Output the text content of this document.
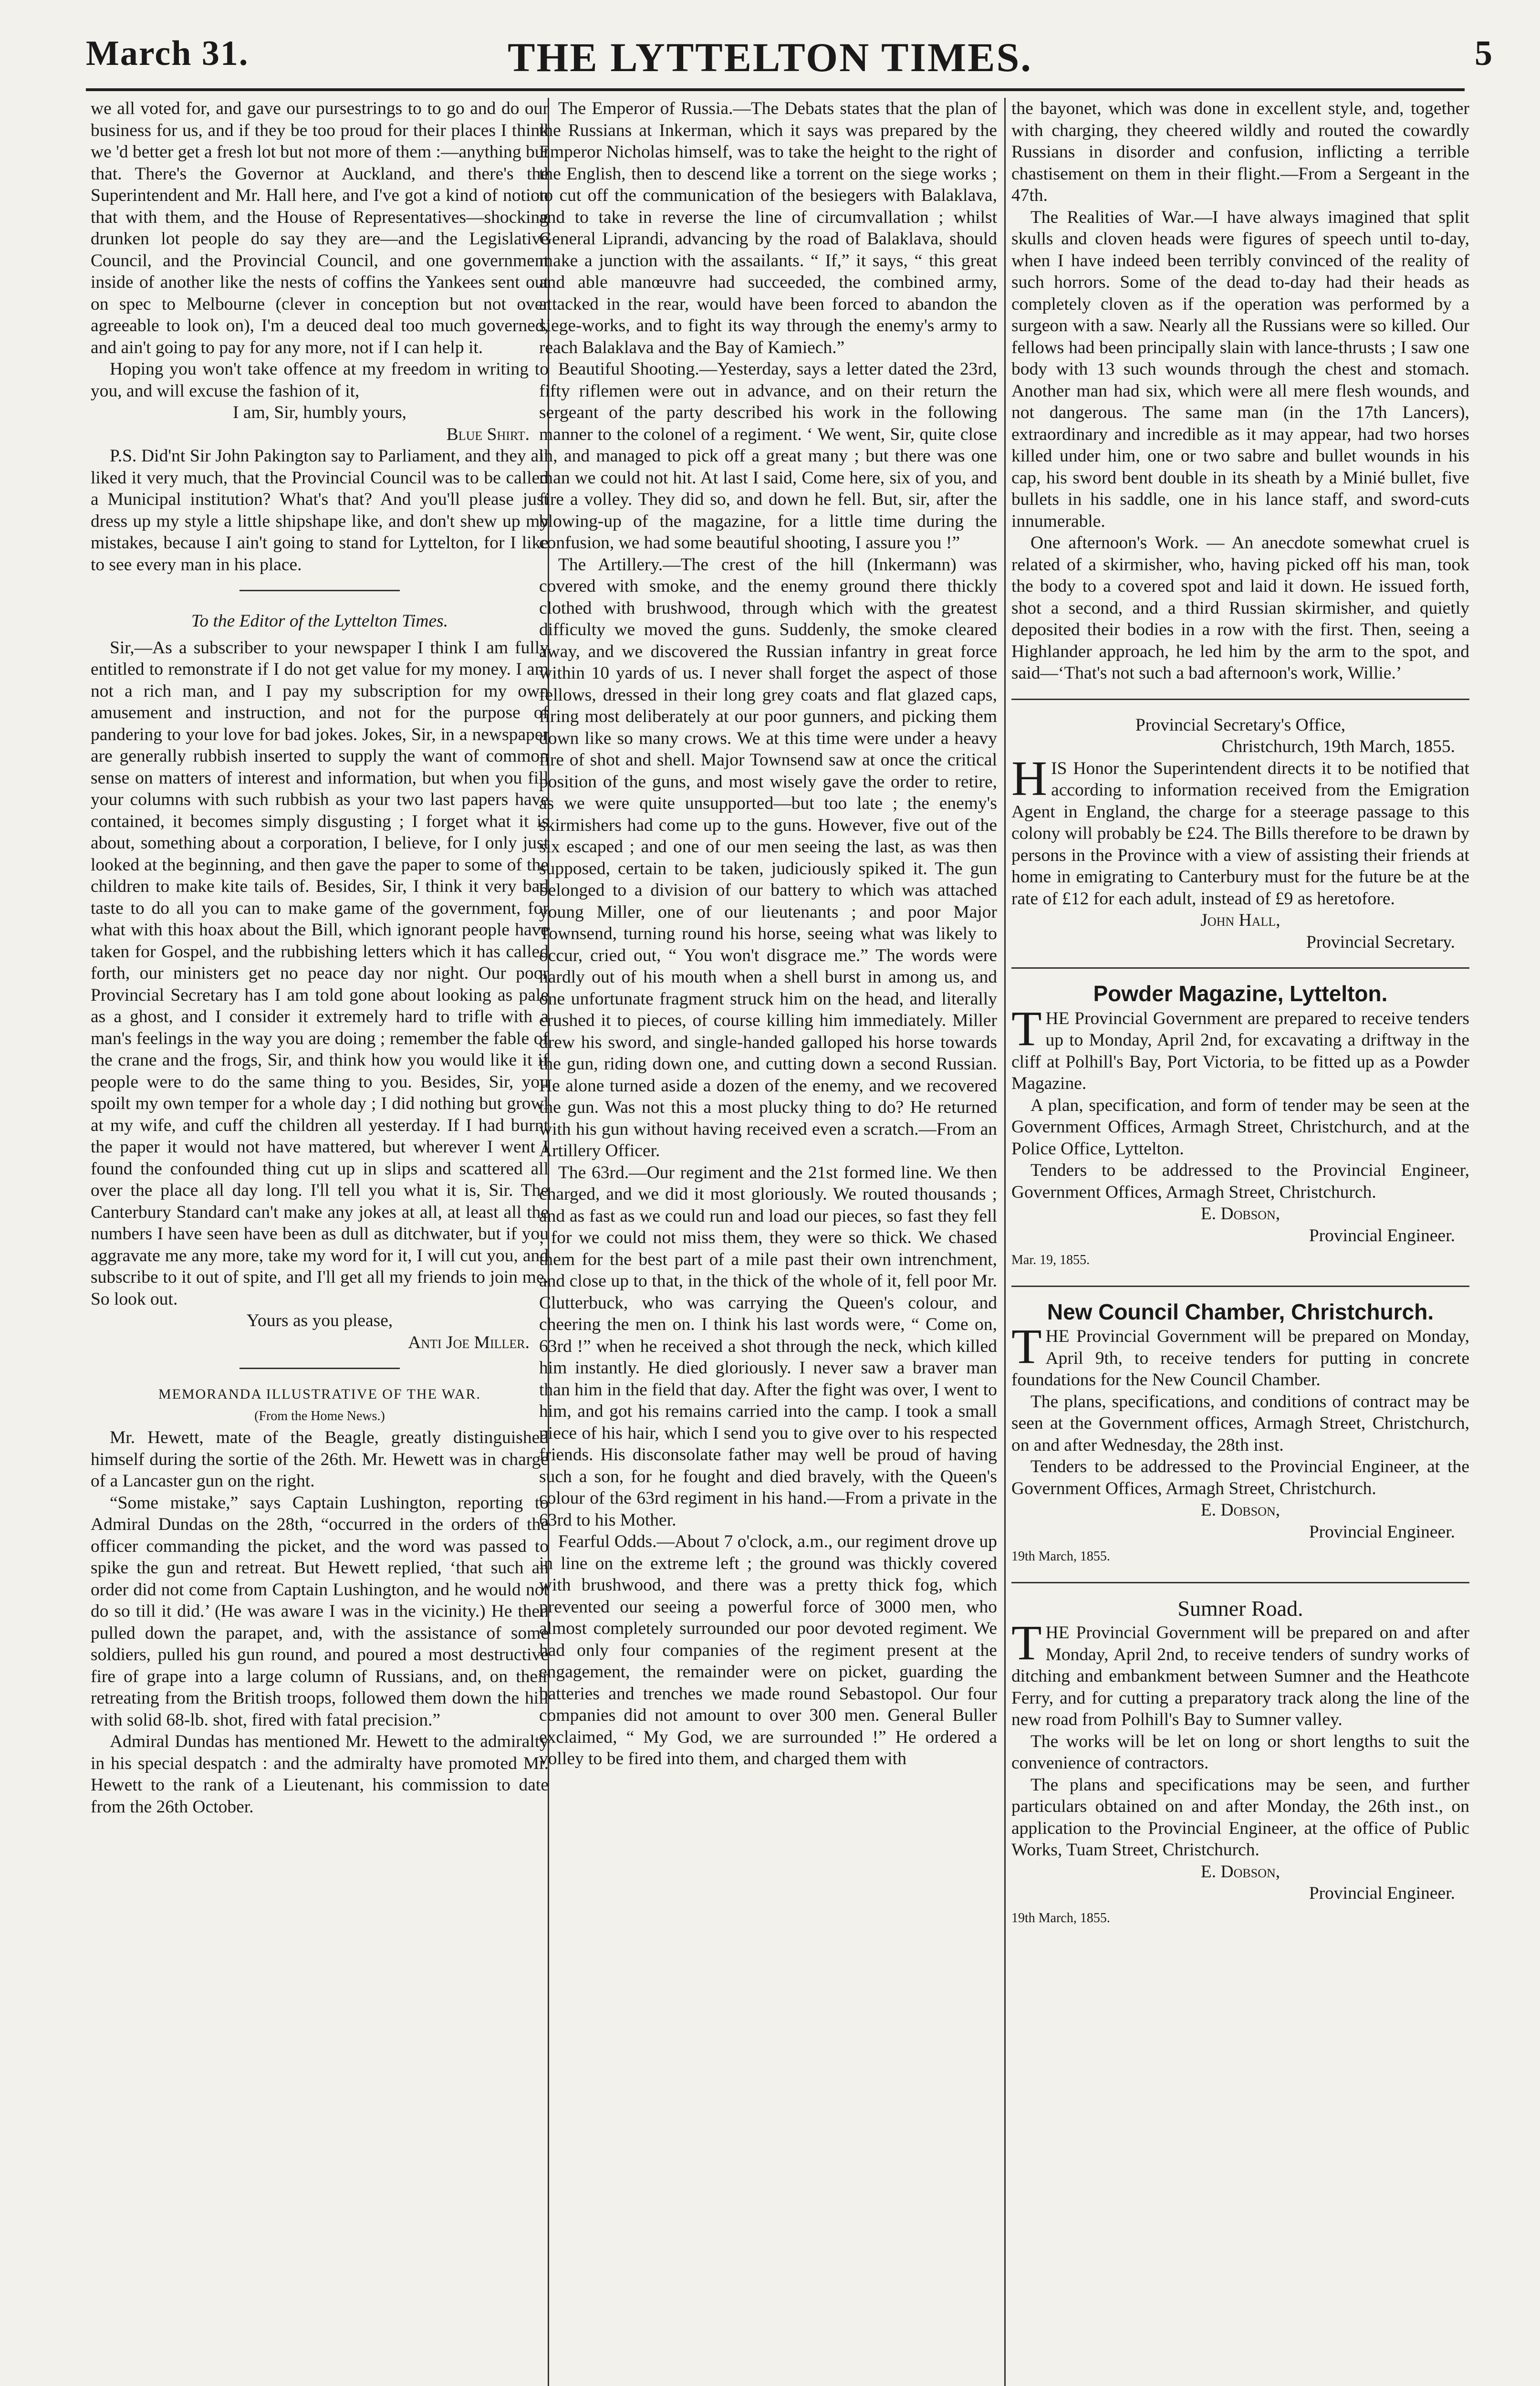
March 31.	THE LYTTELTON TIMES.	5

we all voted for, and gave our pursestrings to to go and do our business for us, and if they be too proud for their places I think we 'd better get a fresh lot but not more of them :—anything but that. There's the Governor at Auckland, and there's the Superintendent and Mr. Hall here, and I've got a kind of notion that with them, and the House of Representatives—shocking drunken lot people do say they are—and the Legislative Council, and the Provincial Council, and one government inside of another like the nests of coffins the Yankees sent out on spec to Melbourne (clever in conception but not over agreeable to look on), I'm a deuced deal too much governed, and ain't going to pay for any more, not if I can help it.

Hoping you won't take offence at my freedom in writing to you, and will excuse the fashion of it,

I am, Sir, humbly yours,

Blue Shirt.

P.S. Did'nt Sir John Pakington say to Parliament, and they all liked it very much, that the Provincial Council was to be called a Municipal institution? What's that? And you'll please just dress up my style a little shipshape like, and don't shew up my mistakes, because I ain't going to stand for Lyttelton, for I like to see every man in his place.

To the Editor of the Lyttelton Times.

Sir,—As a subscriber to your newspaper I think I am fully entitled to remonstrate if I do not get value for my money. I am not a rich man, and I pay my subscription for my own amusement and instruction, and not for the purpose of pandering to your love for bad jokes. Jokes, Sir, in a newspaper are generally rubbish inserted to supply the want of common sense on matters of interest and information, but when you fill your columns with such rubbish as your two last papers have contained, it becomes simply disgusting ; I forget what it is about, something about a corporation, I believe, for I only just looked at the beginning, and then gave the paper to some of the children to make kite tails of. Besides, Sir, I think it very bad taste to do all you can to make game of the government, for what with this hoax about the Bill, which ignorant people have taken for Gospel, and the rubbishing letters which it has called forth, our ministers get no peace day nor night. Our poor Provincial Secretary has I am told gone about looking as pale as a ghost, and I consider it extremely hard to trifle with a man's feelings in the way you are doing ; remember the fable of the crane and the frogs, Sir, and think how you would like it if people were to do the same thing to you. Besides, Sir, you spoilt my own temper for a whole day ; I did nothing but growl at my wife, and cuff the children all yesterday. If I had burnt the paper it would not have mattered, but wherever I went I found the confounded thing cut up in slips and scattered all over the place all day long. I'll tell you what it is, Sir. The Canterbury Standard can't make any jokes at all, at least all the numbers I have seen have been as dull as ditchwater, but if you aggravate me any more, take my word for it, I will cut you, and subscribe to it out of spite, and I'll get all my friends to join me. So look out.

Yours as you please,

Anti Joe Miller.

MEMORANDA ILLUSTRATIVE OF THE WAR.

(From the Home News.)

Mr. Hewett, mate of the Beagle, greatly distinguished himself during the sortie of the 26th. Mr. Hewett was in charge of a Lancaster gun on the right.

“Some mistake,” says Captain Lushington, reporting to Admiral Dundas on the 28th, “occurred in the orders of the officer commanding the picket, and the word was passed to spike the gun and retreat. But Hewett replied, ‘that such an order did not come from Captain Lushington, and he would not do so till it did.’ (He was aware I was in the vicinity.) He then pulled down the parapet, and, with the assistance of some soldiers, pulled his gun round, and poured a most destructive fire of grape into a large column of Russians, and, on their retreating from the British troops, followed them down the hill with solid 68-lb. shot, fired with fatal precision.”

Admiral Dundas has mentioned Mr. Hewett to the admiralty in his special despatch : and the admiralty have promoted Mr. Hewett to the rank of a Lieutenant, his commission to date from the 26th October.

The Emperor of Russia.—The Debats states that the plan of the Russians at Inkerman, which it says was prepared by the Emperor Nicholas himself, was to take the height to the right of the English, then to descend like a torrent on the siege works ; to cut off the communication of the besiegers with Balaklava, and to take in reverse the line of circumvallation ; whilst General Liprandi, advancing by the road of Balaklava, should make a junction with the assailants. “ If,” it says, “ this great and able manœuvre had succeeded, the combined army, attacked in the rear, would have been forced to abandon the siege-works, and to fight its way through the enemy's army to reach Balaklava and the Bay of Kamiech.”

Beautiful Shooting.—Yesterday, says a letter dated the 23rd, fifty riflemen were out in advance, and on their return the sergeant of the party described his work in the following manner to the colonel of a regiment. ‘ We went, Sir, quite close in, and managed to pick off a great many ; but there was one man we could not hit. At last I said, Come here, six of you, and fire a volley. They did so, and down he fell. But, sir, after the blowing-up of the magazine, for a little time during the confusion, we had some beautiful shooting, I assure you !”

The Artillery.—The crest of the hill (Inkermann) was covered with smoke, and the enemy ground there thickly clothed with brushwood, through which with the greatest difficulty we moved the guns. Suddenly, the smoke cleared away, and we discovered the Russian infantry in great force within 10 yards of us. I never shall forget the aspect of those fellows, dressed in their long grey coats and flat glazed caps, firing most deliberately at our poor gunners, and picking them down like so many crows. We at this time were under a heavy fire of shot and shell. Major Townsend saw at once the critical position of the guns, and most wisely gave the order to retire, as we were quite unsupported—but too late ; the enemy's skirmishers had come up to the guns. However, five out of the six escaped ; and one of our men seeing the last, as was then supposed, certain to be taken, judiciously spiked it. The gun belonged to a division of our battery to which was attached young Miller, one of our lieutenants ; and poor Major Townsend, turning round his horse, seeing what was likely to occur, cried out, “ You won't disgrace me.” The words were hardly out of his mouth when a shell burst in among us, and one unfortunate fragment struck him on the head, and literally crushed it to pieces, of course killing him immediately. Miller drew his sword, and single-handed galloped his horse towards the gun, riding down one, and cutting down a second Russian. He alone turned aside a dozen of the enemy, and we recovered the gun. Was not this a most plucky thing to do? He returned with his gun without having received even a scratch.—From an Artillery Officer.

The 63rd.—Our regiment and the 21st formed line. We then charged, and we did it most gloriously. We routed thousands ; and as fast as we could run and load our pieces, so fast they fell ; for we could not miss them, they were so thick. We chased them for the best part of a mile past their own intrenchment, and close up to that, in the thick of the whole of it, fell poor Mr. Clutterbuck, who was carrying the Queen's colour, and cheering the men on. I think his last words were, “ Come on, 63rd !” when he received a shot through the neck, which killed him instantly. He died gloriously. I never saw a braver man than him in the field that day. After the fight was over, I went to him, and got his remains carried into the camp. I took a small piece of his hair, which I send you to give over to his respected friends. His disconsolate father may well be proud of having such a son, for he fought and died bravely, with the Queen's colour of the 63rd regiment in his hand.—From a private in the 63rd to his Mother.

Fearful Odds.—About 7 o'clock, a.m., our regiment drove up in line on the extreme left ; the ground was thickly covered with brushwood, and there was a pretty thick fog, which prevented our seeing a powerful force of 3000 men, who almost completely surrounded our poor devoted regiment. We had only four companies of the regiment present at the engagement, the remainder were on picket, guarding the batteries and trenches we made round Sebastopol. Our four companies did not amount to over 300 men. General Buller exclaimed, “ My God, we are surrounded !” He ordered a volley to be fired into them, and charged them with

the bayonet, which was done in excellent style, and, together with charging, they cheered wildly and routed the cowardly Russians in disorder and confusion, inflicting a terrible chastisement on them in their flight.—From a Sergeant in the 47th.

The Realities of War.—I have always imagined that split skulls and cloven heads were figures of speech until to-day, when I have indeed been terribly convinced of the reality of such horrors. Some of the dead to-day had their heads as completely cloven as if the operation was performed by a surgeon with a saw. Nearly all the Russians were so killed. Our fellows had been principally slain with lance-thrusts ; I saw one body with 13 such wounds through the chest and stomach. Another man had six, which were all mere flesh wounds, and not dangerous. The same man (in the 17th Lancers), extraordinary and incredible as it may appear, had two horses killed under him, one or two sabre and bullet wounds in his cap, his sword bent double in its sheath by a Minié bullet, five bullets in his saddle, one in his lance staff, and sword-cuts innumerable.

One afternoon's Work. — An anecdote somewhat cruel is related of a skirmisher, who, having picked off his man, took the body to a covered spot and laid it down. He issued forth, shot a second, and a third Russian skirmisher, and quietly deposited their bodies in a row with the first. Then, seeing a Highlander approach, he led him by the arm to the spot, and said—‘That's not such a bad afternoon's work, Willie.’

Provincial Secretary's Office,

Christchurch, 19th March, 1855.

HIS Honor the Superintendent directs it to be notified that according to information received from the Emigration Agent in England, the charge for a steerage passage to this colony will probably be £24. The Bills therefore to be drawn by persons in the Province with a view of assisting their friends at home in emigrating to Canterbury must for the future be at the rate of £12 for each adult, instead of £9 as heretofore.

John Hall,

Provincial Secretary.

Powder Magazine, Lyttelton.

THE Provincial Government are prepared to receive tenders up to Monday, April 2nd, for excavating a driftway in the cliff at Polhill's Bay, Port Victoria, to be fitted up as a Powder Magazine.

A plan, specification, and form of tender may be seen at the Government Offices, Armagh Street, Christchurch, and at the Police Office, Lyttelton.

Tenders to be addressed to the Provincial Engineer, Government Offices, Armagh Street, Christchurch.

E. Dobson,

Provincial Engineer.

Mar. 19, 1855.

New Council Chamber, Christchurch.

THE Provincial Government will be prepared on Monday, April 9th, to receive tenders for putting in concrete foundations for the New Council Chamber.

The plans, specifications, and conditions of contract may be seen at the Government offices, Armagh Street, Christchurch, on and after Wednesday, the 28th inst.

Tenders to be addressed to the Provincial Engineer, at the Government Offices, Armagh Street, Christchurch.

E. Dobson,

Provincial Engineer.

19th March, 1855.

Sumner Road.

THE Provincial Government will be prepared on and after Monday, April 2nd, to receive tenders of sundry works of ditching and embankment between Sumner and the Heathcote Ferry, and for cutting a preparatory track along the line of the new road from Polhill's Bay to Sumner valley.

The works will be let on long or short lengths to suit the convenience of contractors.

The plans and specifications may be seen, and further particulars obtained on and after Monday, the 26th inst., on application to the Provincial Engineer, at the office of Public Works, Tuam Street, Christchurch.

E. Dobson,

Provincial Engineer.

19th March, 1855.
